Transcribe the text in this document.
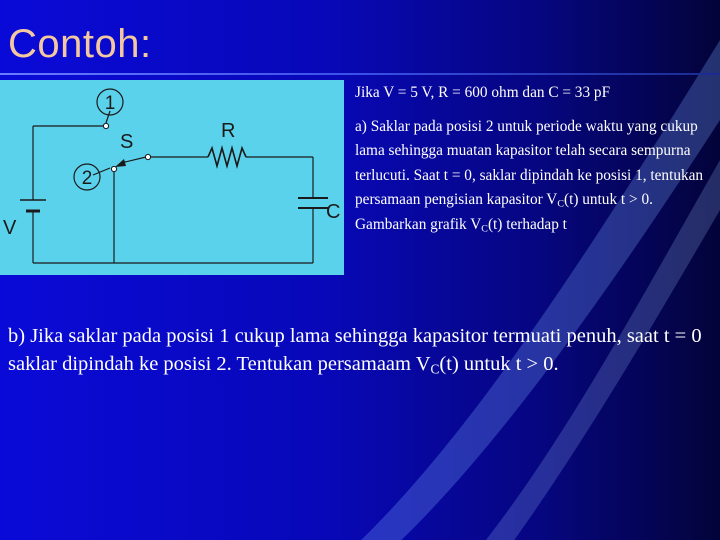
Contoh:
1
2
S	R
C
V

Jika V = 5 V, R = 600 ohm dan C = 33 pF

a) Saklar pada posisi 2 untuk periode waktu yang cukup lama sehingga muatan kapasitor telah secara sempurna terlucuti. Saat t = 0, saklar dipindah ke posisi 1, tentukan persamaan pengisian kapasitor $V_C(t)$ untuk t > 0. Gambarkan grafik $V_C(t)$ terhadap t

b) Jika saklar pada posisi 1 cukup lama sehingga kapasitor termuati penuh, saat t = 0 saklar dipindah ke posisi 2. Tentukan persamaam $V_C(t)$ untuk t > 0.
